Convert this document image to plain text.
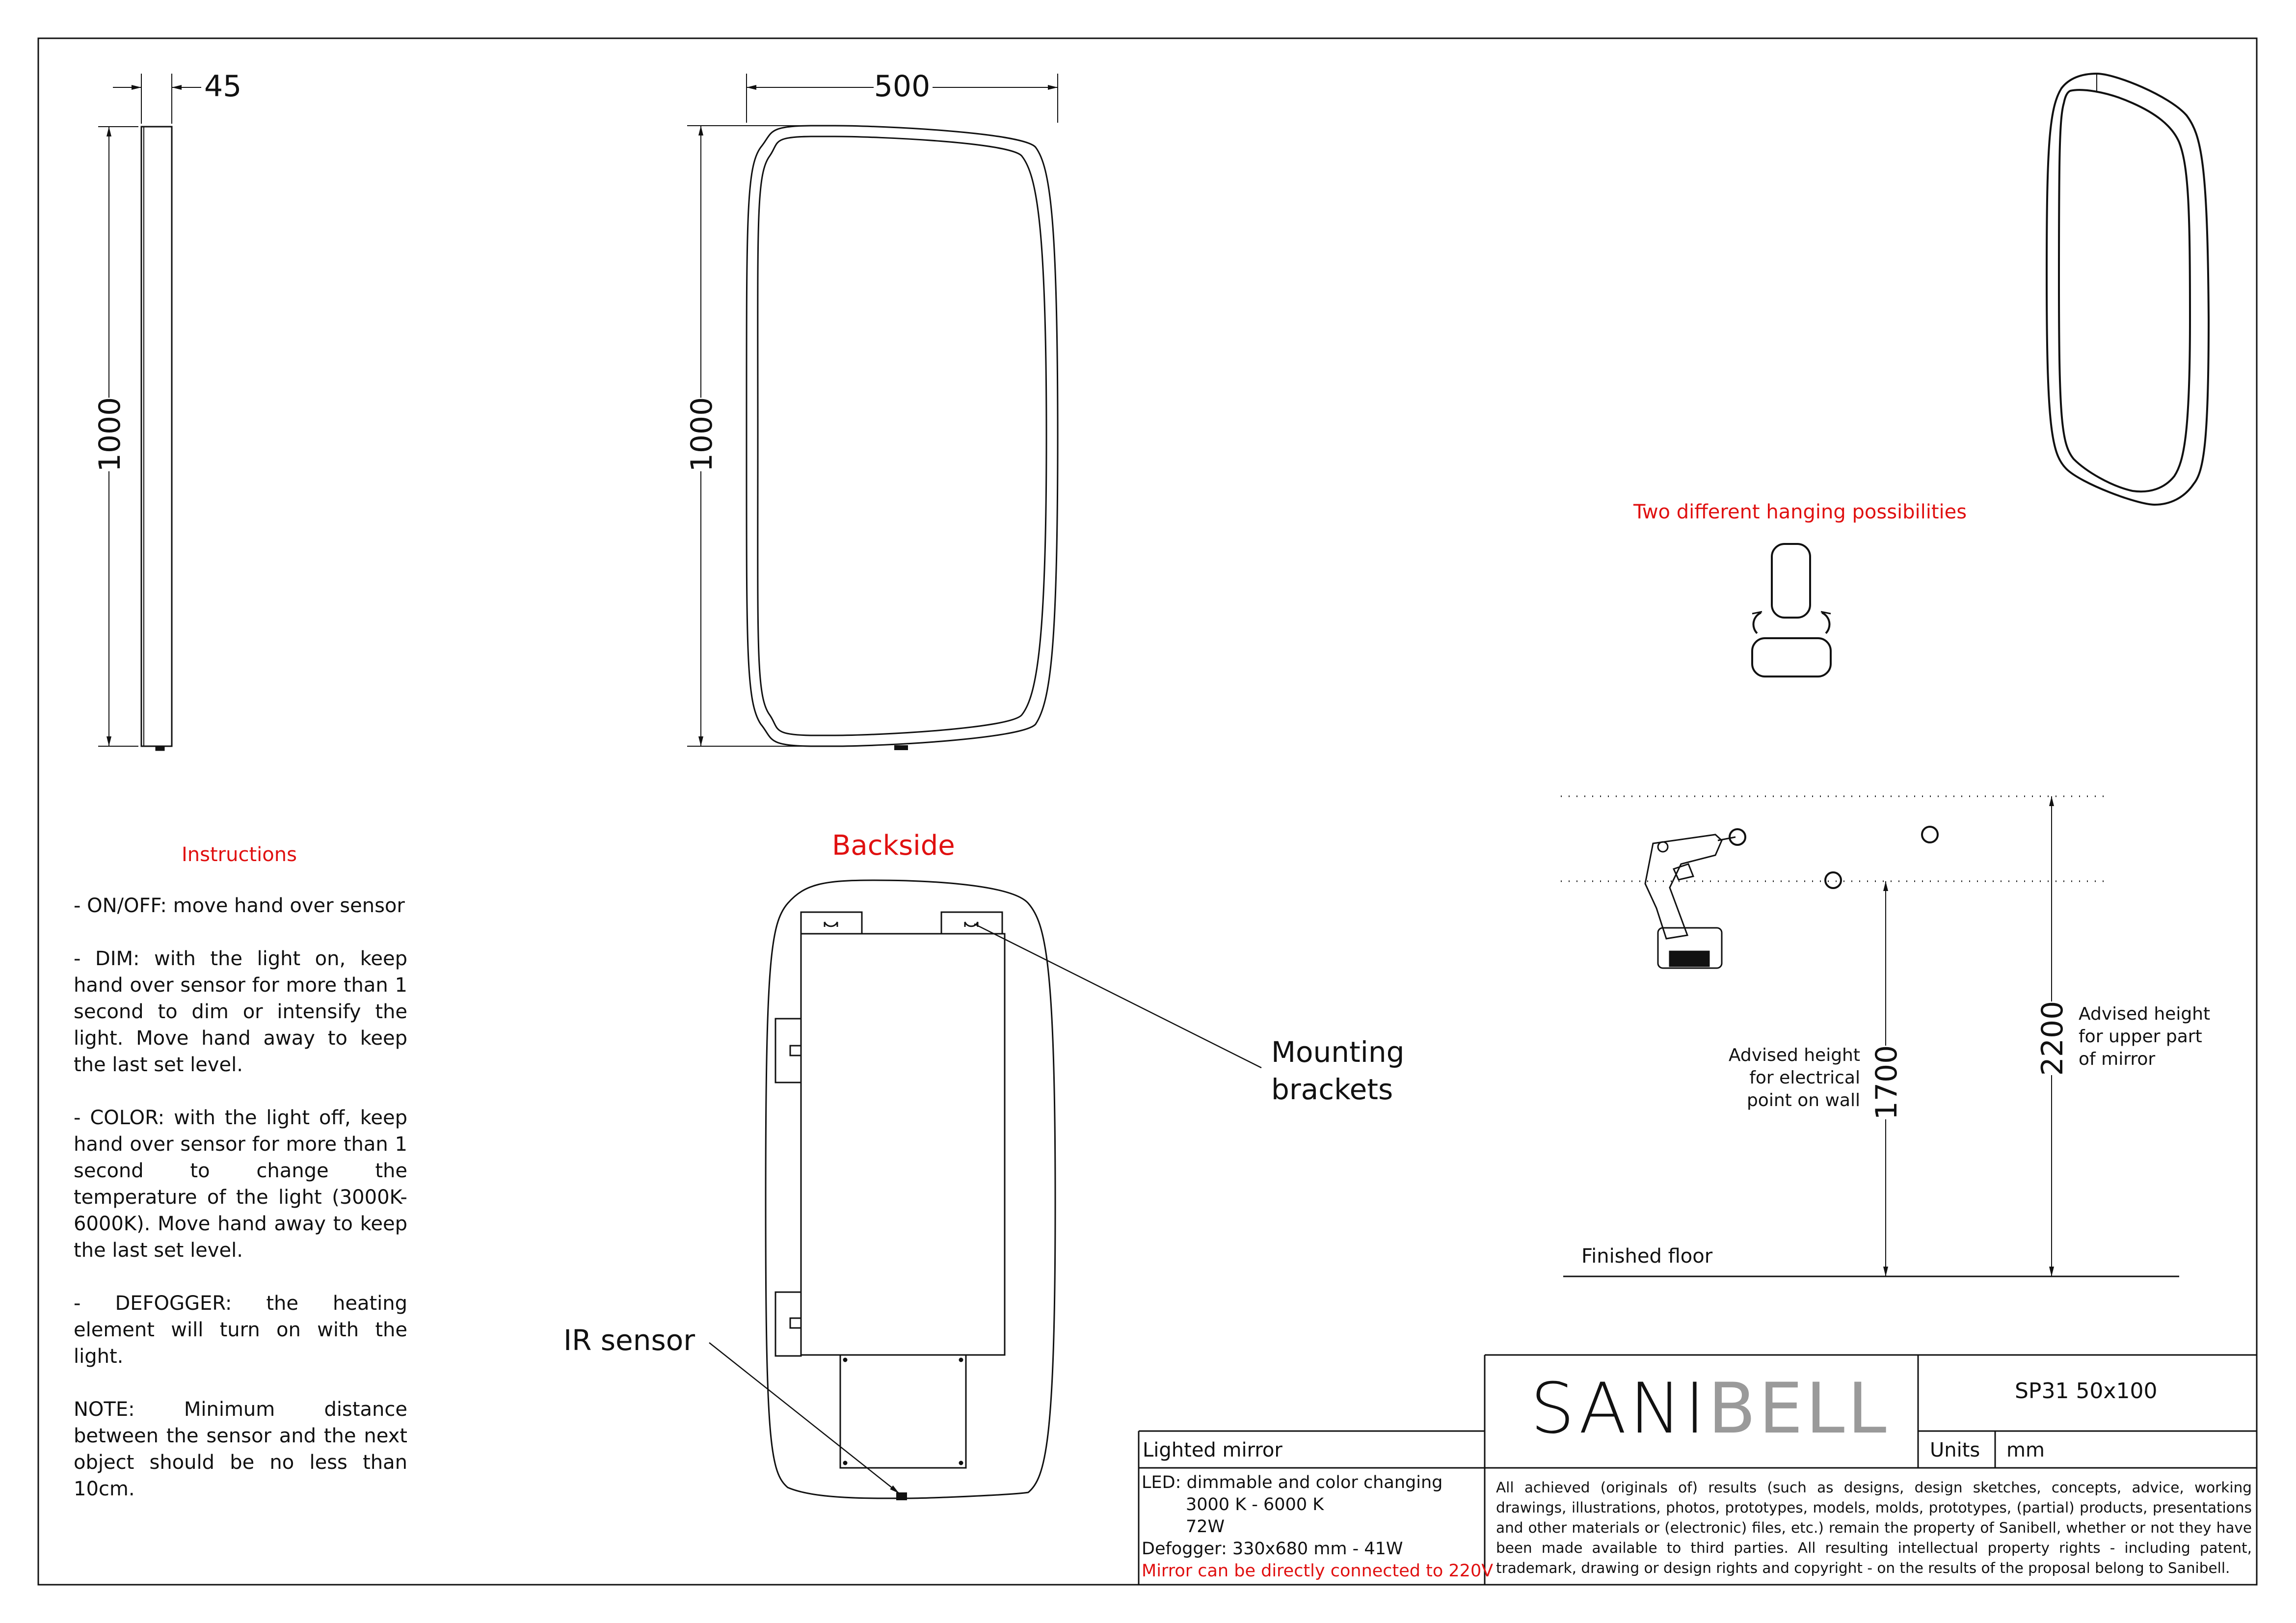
45
1000
500
1000
1700
2200
Backside
Two different hanging possibilities
Mounting
brackets
IR sensor
Finished floor
Advised height
for electrical
point on wall
Advised height
for upper part
of mirror
Instructions

- ON/OFF: move hand over sensor

- DIM: with the light on, keep hand over sensor for more than 1 second to dim or intensify the light. Move hand away to keep the last set level.

- COLOR: with the light off, keep hand over sensor for more than 1 second to change the temperature of the light (3000K-6000K). Move hand away to keep the last set level.

- DEFOGGER: the heating element will turn on with the light.

NOTE: Minimum distance between the sensor and the next object should be no less than 10cm.

SANIBELL	SP31 50x100
Units mm
Lighted mirror
LED: dimmable and color changing
3000 K - 6000 K
72W
Defogger: 330x680 mm - 41W
Mirror can be directly connected to 220V
All achieved (originals of) results (such as designs, design sketches, concepts, advice, working drawings, illustrations, photos, prototypes, models, molds, prototypes, (partial) products, presentations and other materials or (electronic) files, etc.) remain the property of Sanibell, whether or not they have been made available to third parties. All resulting intellectual property rights - including patent, trademark, drawing or design rights and copyright - on the results of the proposal belong to Sanibell.
